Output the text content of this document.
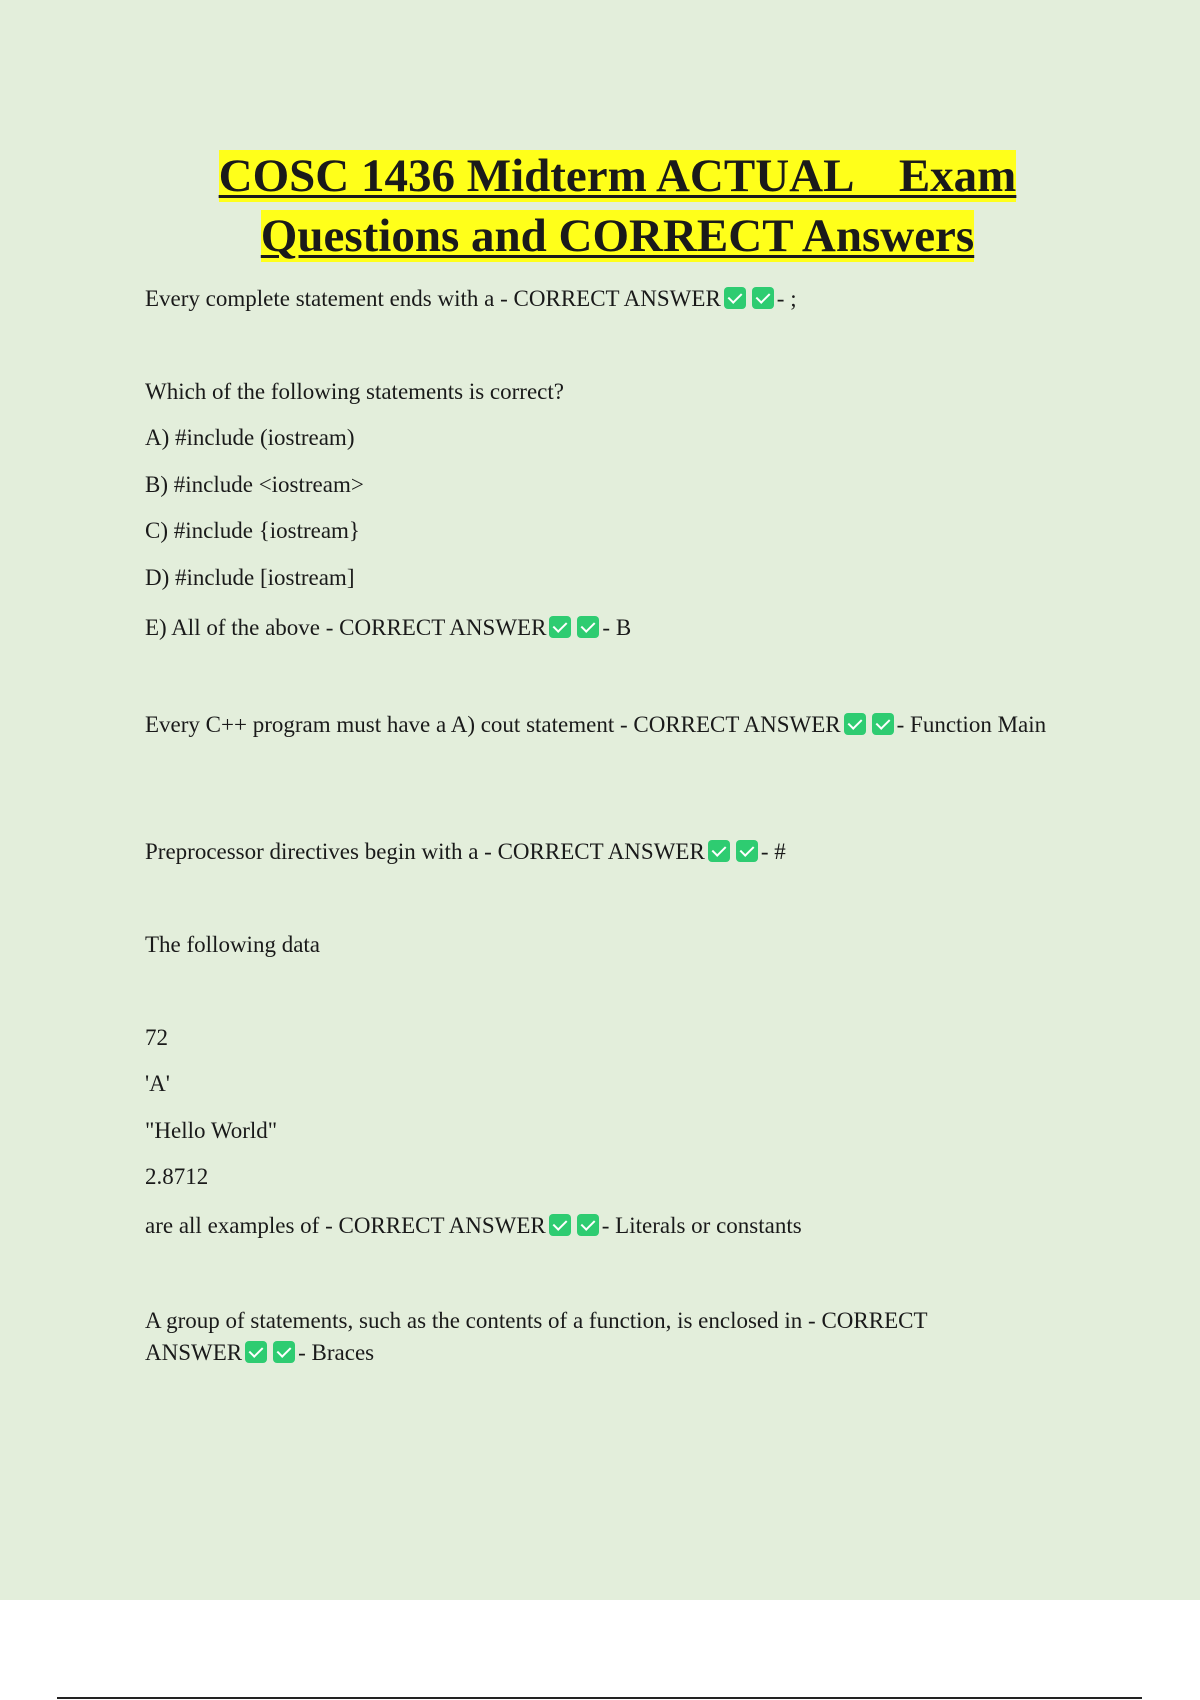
COSC 1436 Midterm ACTUAL    Exam
Questions and CORRECT Answers
Every complete statement ends with a - CORRECT ANSWER - ;
Which of the following statements is correct?
A) #include (iostream)
B) #include <iostream>
C) #include {iostream}
D) #include [iostream]
E) All of the above - CORRECT ANSWER - B
Every C++ program must have a A) cout statement - CORRECT ANSWER - Function Main
Preprocessor directives begin with a - CORRECT ANSWER - #
The following data
72
'A'
"Hello World"
2.8712
are all examples of - CORRECT ANSWER - Literals or constants
A group of statements, such as the contents of a function, is enclosed in - CORRECT ANSWER - Braces
